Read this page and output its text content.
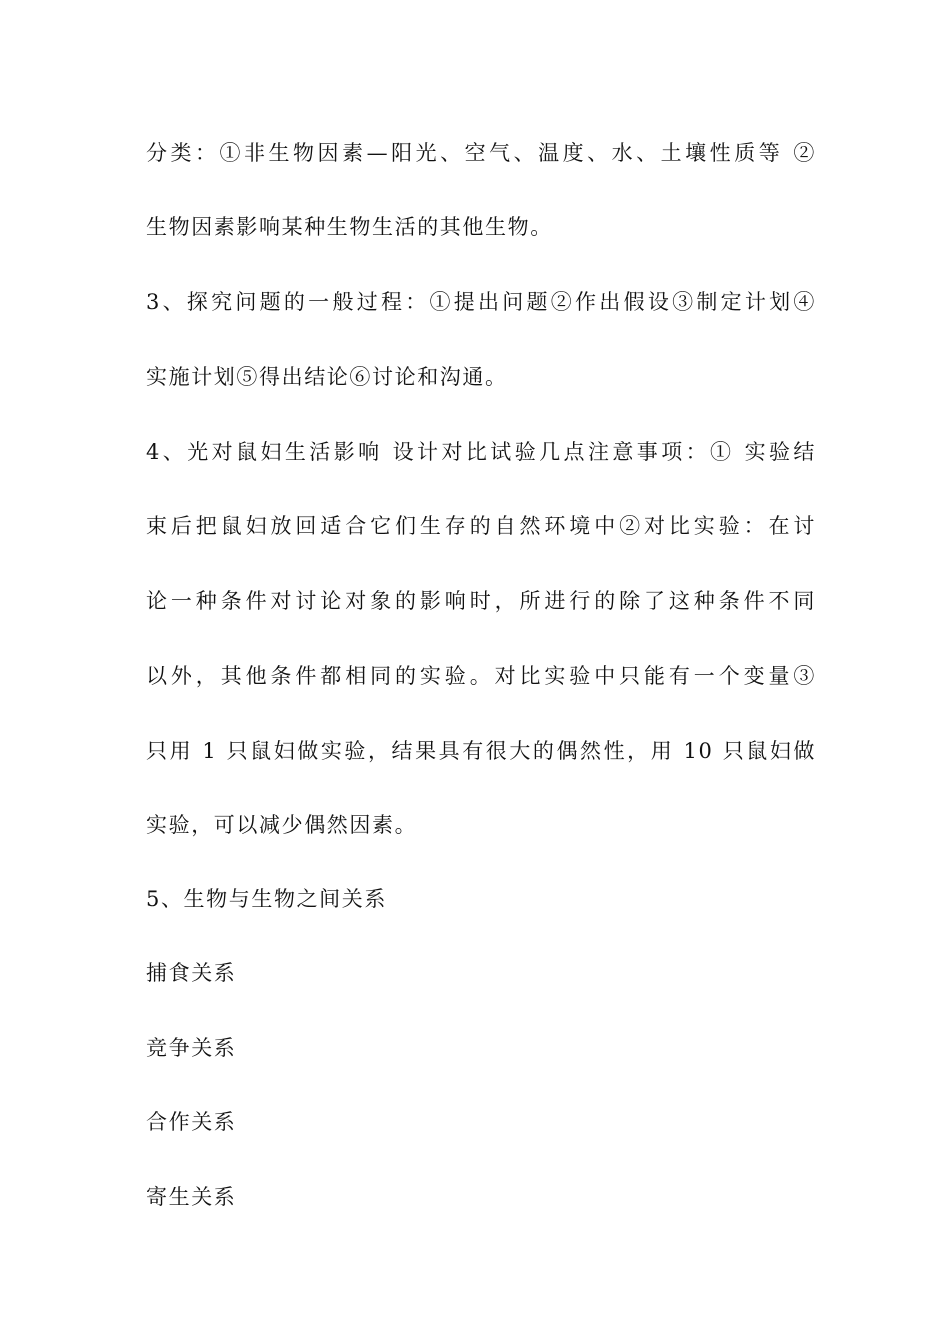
分类：①非生物因素—阳光、空气、温度、水、土壤性质等 ②
生物因素影响某种生物生活的其他生物。
3、探究问题的一般过程：①提出问题②作出假设③制定计划④
实施计划⑤得出结论⑥讨论和沟通。
4、光对鼠妇生活影响 设计对比试验几点注意事项：① 实验结
束后把鼠妇放回适合它们生存的自然环境中②对比实验：在讨
论一种条件对讨论对象的影响时，所进行的除了这种条件不同
以外，其他条件都相同的实验。对比实验中只能有一个变量③
只用 1 只鼠妇做实验，结果具有很大的偶然性，用 10 只鼠妇做
实验，可以减少偶然因素。
5、生物与生物之间关系
捕食关系
竞争关系
合作关系
寄生关系
